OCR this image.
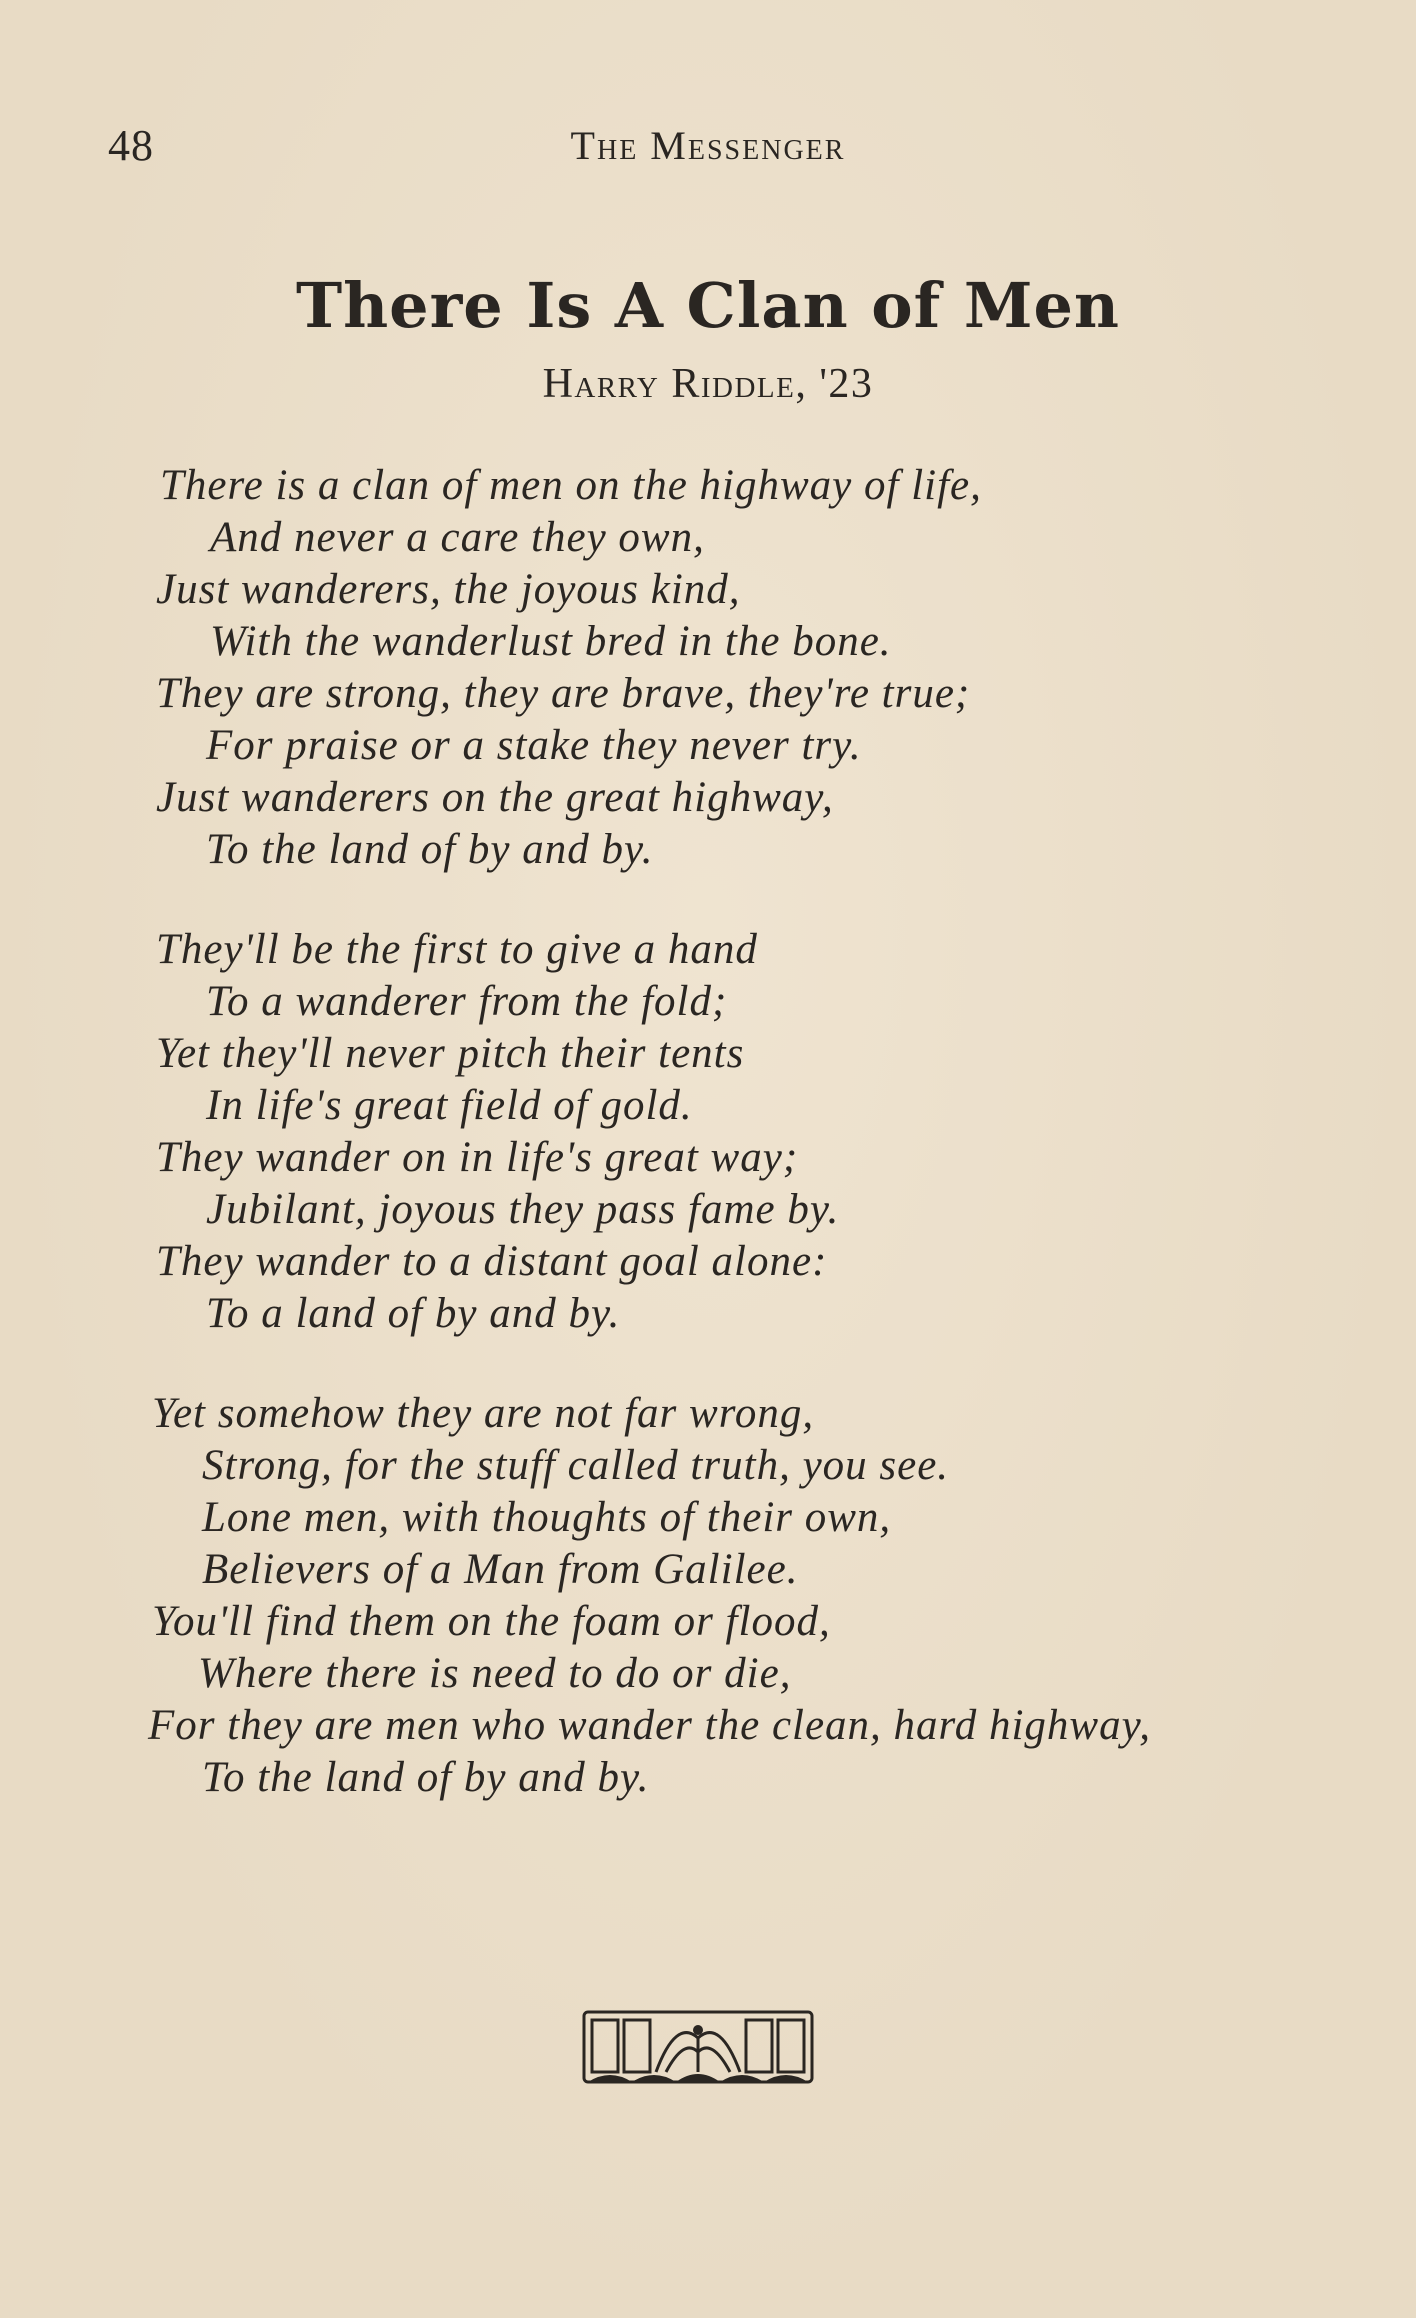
48	The Messenger
There Is A Clan of Men
Harry Riddle, '23
There is a clan of men on the highway of life,
And never a care they own,
Just wanderers, the joyous kind,
With the wanderlust bred in the bone.
They are strong, they are brave, they're true;
For praise or a stake they never try.
Just wanderers on the great highway,
To the land of by and by.
They'll be the first to give a hand
To a wanderer from the fold;
Yet they'll never pitch their tents
In life's great field of gold.
They wander on in life's great way;
Jubilant, joyous they pass fame by.
They wander to a distant goal alone:
To a land of by and by.
Yet somehow they are not far wrong,
Strong, for the stuff called truth, you see.
Lone men, with thoughts of their own,
Believers of a Man from Galilee.
You'll find them on the foam or flood,
Where there is need to do or die,
For they are men who wander the clean, hard highway,
To the land of by and by.
